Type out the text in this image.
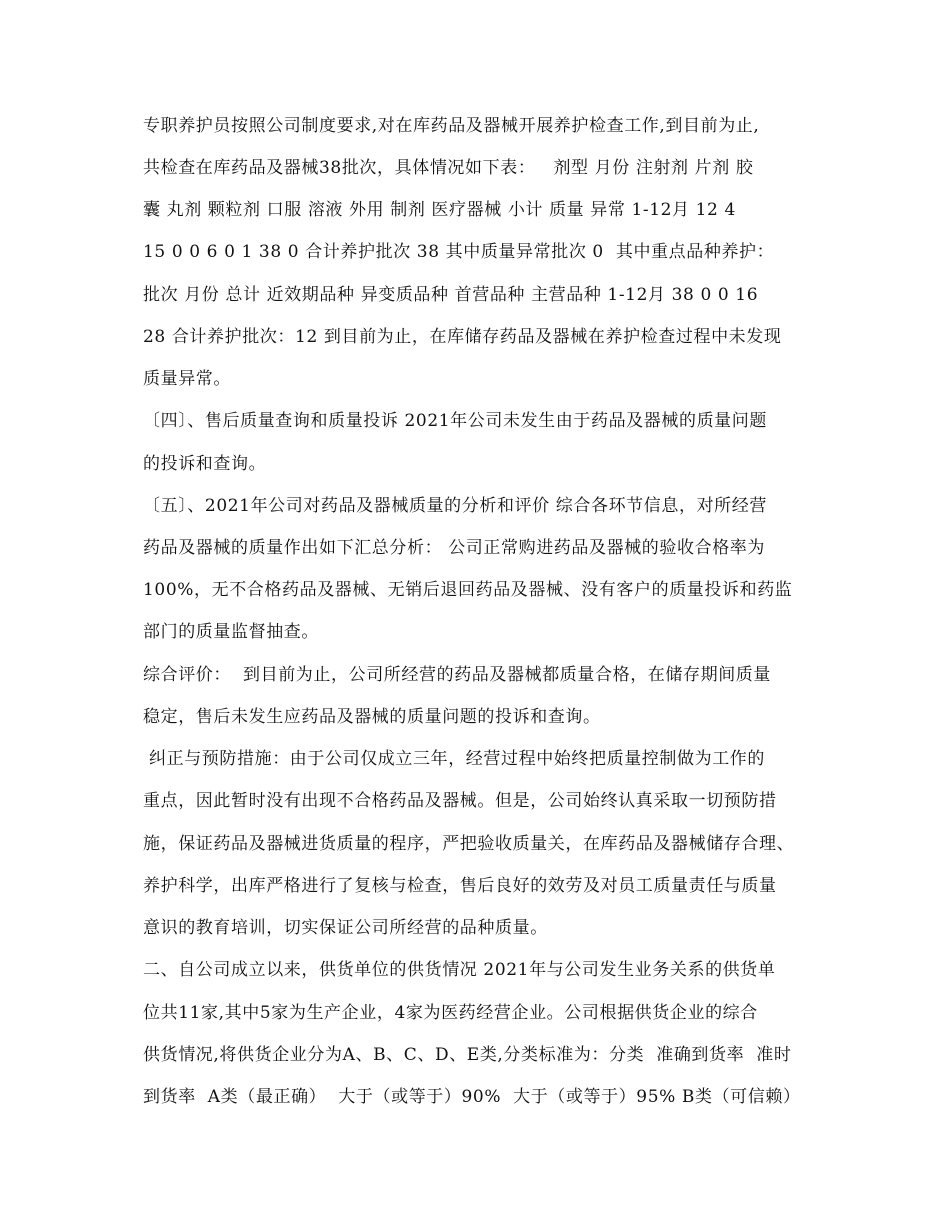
专职养护员按照公司制度要求,对在库药品及器械开展养护检查工作,到目前为止,
共检查在库药品及器械38批次，具体情况如下表：   剂型 月份 注射剂 片剂 胶
囊 丸剂 颗粒剂 口服 溶液 外用 制剂 医疗器械 小计 质量 异常 1-12月 12 4
15 0 0 6 0 1 38 0 合计养护批次 38 其中质量异常批次 0  其中重点品种养护：
批次 月份 总计 近效期品种 异变质品种 首营品种 主营品种 1-12月 38 0 0 16
28 合计养护批次：12 到目前为止，在库储存药品及器械在养护检查过程中未发现
质量异常。
〔四〕、售后质量查询和质量投诉 2021年公司未发生由于药品及器械的质量问题
的投诉和查询。
〔五〕、2021年公司对药品及器械质量的分析和评价 综合各环节信息，对所经营
药品及器械的质量作出如下汇总分析： 公司正常购进药品及器械的验收合格率为
100%，无不合格药品及器械、无销后退回药品及器械、没有客户的质量投诉和药监
部门的质量监督抽查。
综合评价：  到目前为止，公司所经营的药品及器械都质量合格，在储存期间质量
稳定，售后未发生应药品及器械的质量问题的投诉和查询。
纠正与预防措施：由于公司仅成立三年，经营过程中始终把质量控制做为工作的
重点，因此暂时没有出现不合格药品及器械。但是，公司始终认真采取一切预防措
施，保证药品及器械进货质量的程序，严把验收质量关，在库药品及器械储存合理、
养护科学，出库严格进行了复核与检查，售后良好的效劳及对员工质量责任与质量
意识的教育培训，切实保证公司所经营的品种质量。
二、自公司成立以来，供货单位的供货情况 2021年与公司发生业务关系的供货单
位共11家,其中5家为生产企业，4家为医药经营企业。公司根据供货企业的综合
供货情况,将供货企业分为A、B、C、D、E类,分类标准为：分类  准确到货率  准时
到货率  A类（最正确）  大于（或等于）90%  大于（或等于）95% B类（可信赖）
